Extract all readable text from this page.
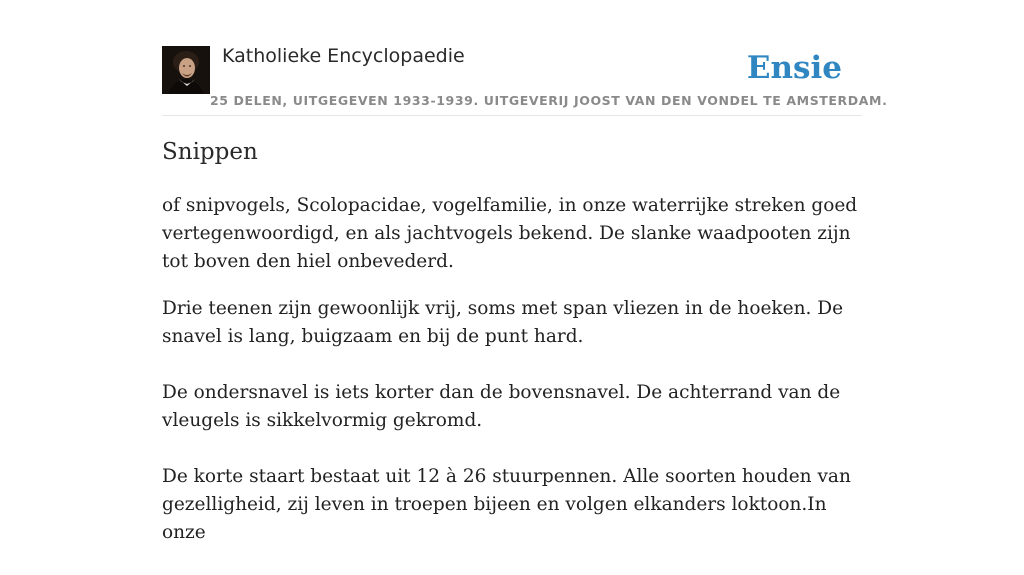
Katholieke Encyclopaedie
25 DELEN, UITGEGEVEN 1933-1939. UITGEVERIJ JOOST VAN DEN VONDEL TE AMSTERDAM.
Ensie
Snippen

of snipvogels, Scolopacidae, vogelfamilie, in onze waterrijke streken goed vertegenwoordigd, en als jachtvogels bekend. De slanke waadpooten zijn tot boven den hiel onbevederd.

Drie teenen zijn gewoonlijk vrij, soms met span vliezen in de hoeken. De snavel is lang, buigzaam en bij de punt hard.

De ondersnavel is iets korter dan de bovensnavel. De achterrand van de vleugels is sikkelvormig gekromd.

De korte staart bestaat uit 12 à 26 stuurpennen. Alle soorten houden van gezelligheid, zij leven in troepen bijeen en volgen elkanders loktoon.In onze
